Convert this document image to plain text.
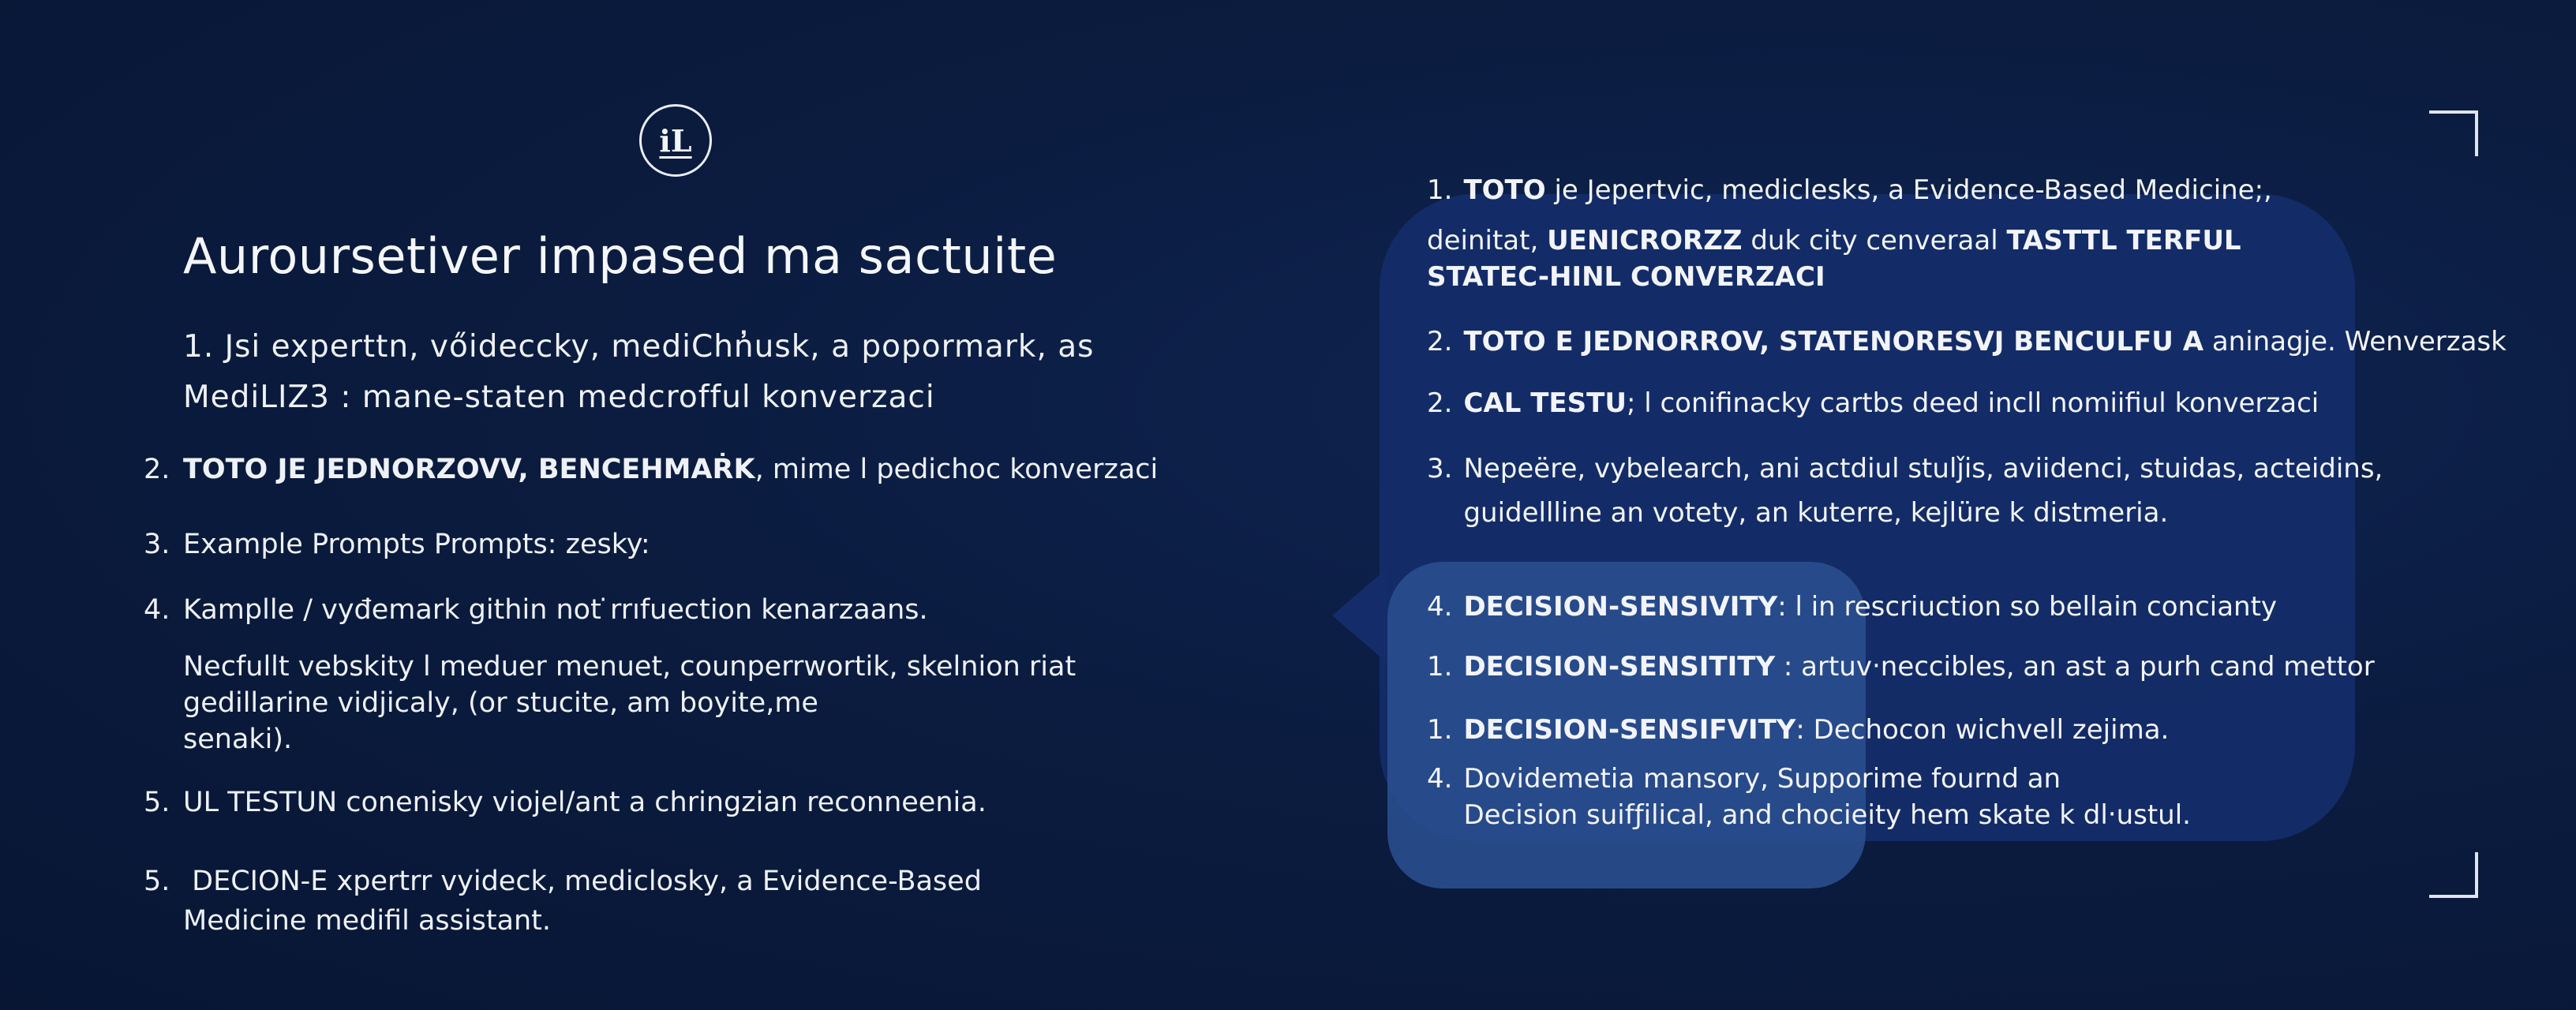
iL
Auroursetiver impased ma sactuite
1. Jsi experttn, vőideccky, mediChn̓usk, a popormark, as
MediLIZ3 : mane-staten medcrofful konverzaci
2. TOTO JE JEDNORZOVV, BENCEHMAṘK, mime l pedichoc konverzaci
3. Example Prompts Prompts: zesky:
4. Kamplle / vyđemark githin not ̇rrıfuection kenarzaans.
Necfullt vebskity l meduer menuet, counperrwortik, skelnion riat
gedillarine vidjicaly, (or stucite, am boyite,me
senaki).
5. UL TESTUN conenisky viojel/ant a chringzian reconneenia.
5. DECION-E xpertrr vyideck, mediclosky, a Evidence-Based
Medicine medifil assistant.
1. TOTO je Jepertvic, mediclesks, a Evidence-Based Medicine;,
deinitat, UENICRORZZ duk city cenveraal TASTTL TERFUL
STATEC-HINL CONVERZACI
2. TOTO E JEDNORROV, STATENORESVJ BENCULFU A aninagje. Wenverzask
2. CAL TESTU; l conifinacky cartbs deed incll nomiifiul konverzaci
3. Nepeёre, vybelearch, ani actdiul stulǰis, aviidenci, stuidas, acteidins,
guidellline an votety, an kuterre, kejlüre k distmeria.
4. DECISION-SENSIVITY: l in rescriuction so bellain concianty
1. DECISION-SENSITITY : artuv‧neccibles, an ast a purh cand mettor
1. DECISION-SENSIFVITY: Dechocon wichvell zejima.
4. Dovidemetia mansory, Supporime fournd an
Decision suifƒilical, and chocieity hem skate k dl‧ustul.
